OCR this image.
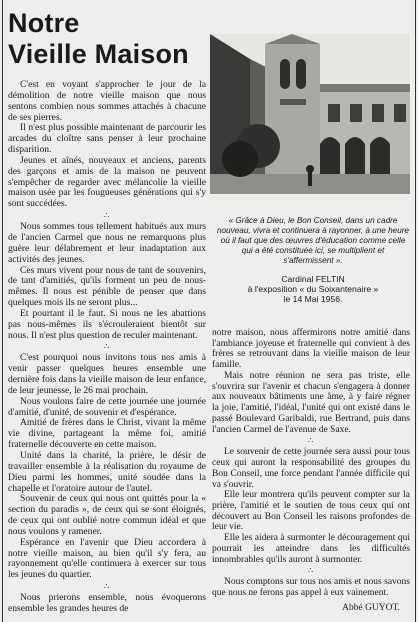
Notre
Vieille Maison

C'est en voyant s'approcher le jour de la démolition de notre vieille maison que nous sentons combien nous sommes attachés à chacune de ses pierres.

Il n'est plus possible maintenant de parcourir les arcades du cloître sans penser à leur prochaine disparition.

Jeunes et aînés, nouveaux et anciens, parents des garçons et amis de la maison ne peuvent s'empêcher de regarder avec mélancolie la vieille maison usée par les fougueuses générations qui s'y sont succédées.

∴

Nous sommes tous tellement habitués aux murs de l'ancien Carmel que nous ne remarquons plus guère leur délabrement et leur inadaptation aux activités des jeunes.

Ces murs vivent pour nous de tant de souvenirs, de tant d'amitiés, qu'ils forment un peu de nous-mêmes. Il nous est pénible de penser que dans quelques mois ils ne seront plus...

Et pourtant il le faut. Si nous ne les abattions pas nous-mêmes ils s'écrouleraient bientôt sur nous. Il n'est plus question de reculer maintenant.

∴

C'est pourquoi nous invitons tous nos amis à venir passer quelques heures ensemble une dernière fois dans la vieille maison de leur enfance, de leur jeunesse, le 26 mai prochain.

Nous voulons faire de cette journée une journée d'amitié, d'unité, de souvenir et d'espérance.

Amitié de frères dans le Christ, vivant la même vie divine, partageant la même foi, amitié fraternelle découverte en cette maison.

Unité dans la charité, la prière, le désir de travailler ensemble à la réalisation du royaume de Dieu parmi les hommes, unité soudée dans la chapelle et l'oratoire autour de l'autel.

Souvenir de ceux qui nous ont quittés pour la « section du paradis », de ceux qui se sont éloignés, de ceux qui ont oublié notre commun idéal et que nous voulons y ramener.

Espérance en l'avenir que Dieu accordera à notre vieille maison, au bien qu'il s'y fera, au rayonnement qu'elle continuera à exercer sur tous les jeunes du quartier.

∴

Nous prierons ensemble, nous évoquerons ensemble les grandes heures de

« Grâce à Dieu, le Bon Conseil, dans un cadre nouveau, vivra et continuera à rayonner, à une heure où il faut que des œuvres d'éducation comme celle qui a été constituée ici, se multiplient et s'affermissent ».
Cardinal FELTIN
à l'exposition « du Soixantenaire »
le 14 Mai 1956.

notre maison, nous affermirons notre amitié dans l'ambiance joyeuse et fraternelle qui convient à des frères se retrouvant dans la vieille maison de leur famille.

Mais notre réunion ne sera pas triste, elle s'ouvrira sur l'avenir et chacun s'engagera à donner aux nouveaux bâtiments une âme, à y faire régner la joie, l'amitié, l'idéal, l'unité qui ont existé dans le passé Boulevard Garibaldi, rue Bertrand, puis dans l'ancien Carmel de l'avenue de Saxe.

∴

Le souvenir de cette journée sera aussi pour tous ceux qui auront la responsabilité des groupes du Bon Conseil, une force pendant l'année difficile qui va s'ouvrir.

Elle leur montrera qu'ils peuvent compter sur la prière, l'amitié et le soutien de tous ceux qui ont découvert au Bon Conseil les raisons profondes de leur vie.

Elle les aidera à surmonter le découragement qui pourrait les atteindre dans les difficultés innombrables qu'ils auront à surmonter.

∴

Nous comptons sur tous nos amis et nous savons que nous ne ferons pas appel à eux vainement.

Abbé GUYOT.
